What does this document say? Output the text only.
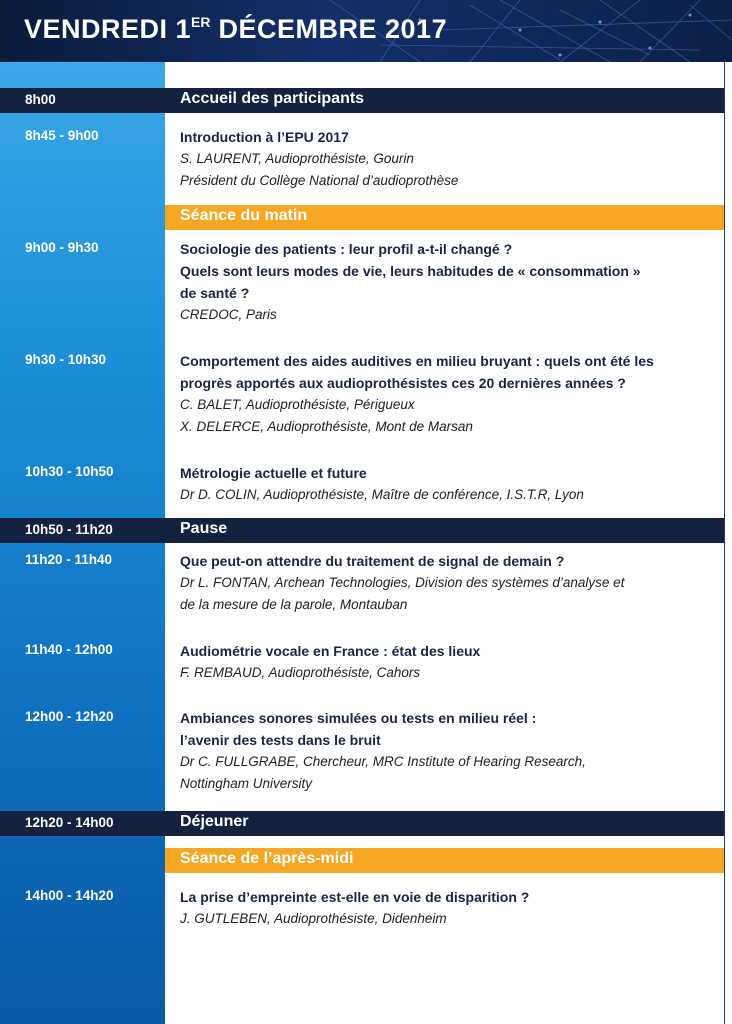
VENDREDI 1ER DÉCEMBRE 2017
8h00	Accueil des participants
8h45 - 9h00	Introduction à l’EPU 2017

S. LAURENT, Audioprothésiste, Gourin

Président du Collège National d’audioprothèse

Séance du matin
9h00 - 9h30	Sociologie des patients : leur profil a-t-il changé ?

Quels sont leurs modes de vie, leurs habitudes de « consommation »

de santé ?

CREDOC, Paris

9h30 - 10h30	Comportement des aides auditives en milieu bruyant : quels ont été les

progrès apportés aux audioprothésistes ces 20 dernières années ?

C. BALET, Audioprothésiste, Périgueux

X. DELERCE, Audioprothésiste, Mont de Marsan

10h30 - 10h50	Métrologie actuelle et future

Dr D. COLIN, Audioprothésiste, Maître de conférence, I.S.T.R, Lyon

10h50 - 11h20	Pause
11h20 - 11h40	Que peut-on attendre du traitement de signal de demain ?

Dr L. FONTAN, Archean Technologies, Division des systèmes d’analyse et

de la mesure de la parole, Montauban

11h40 - 12h00	Audiométrie vocale en France : état des lieux

F. REMBAUD, Audioprothésiste, Cahors

12h00 - 12h20	Ambiances sonores simulées ou tests en milieu réel :

l’avenir des tests dans le bruit

Dr C. FULLGRABE, Chercheur, MRC Institute of Hearing Research,

Nottingham University

12h20 - 14h00	Déjeuner
Séance de l’après-midi
14h00 - 14h20	La prise d’empreinte est-elle en voie de disparition ?

J. GUTLEBEN, Audioprothésiste, Didenheim
